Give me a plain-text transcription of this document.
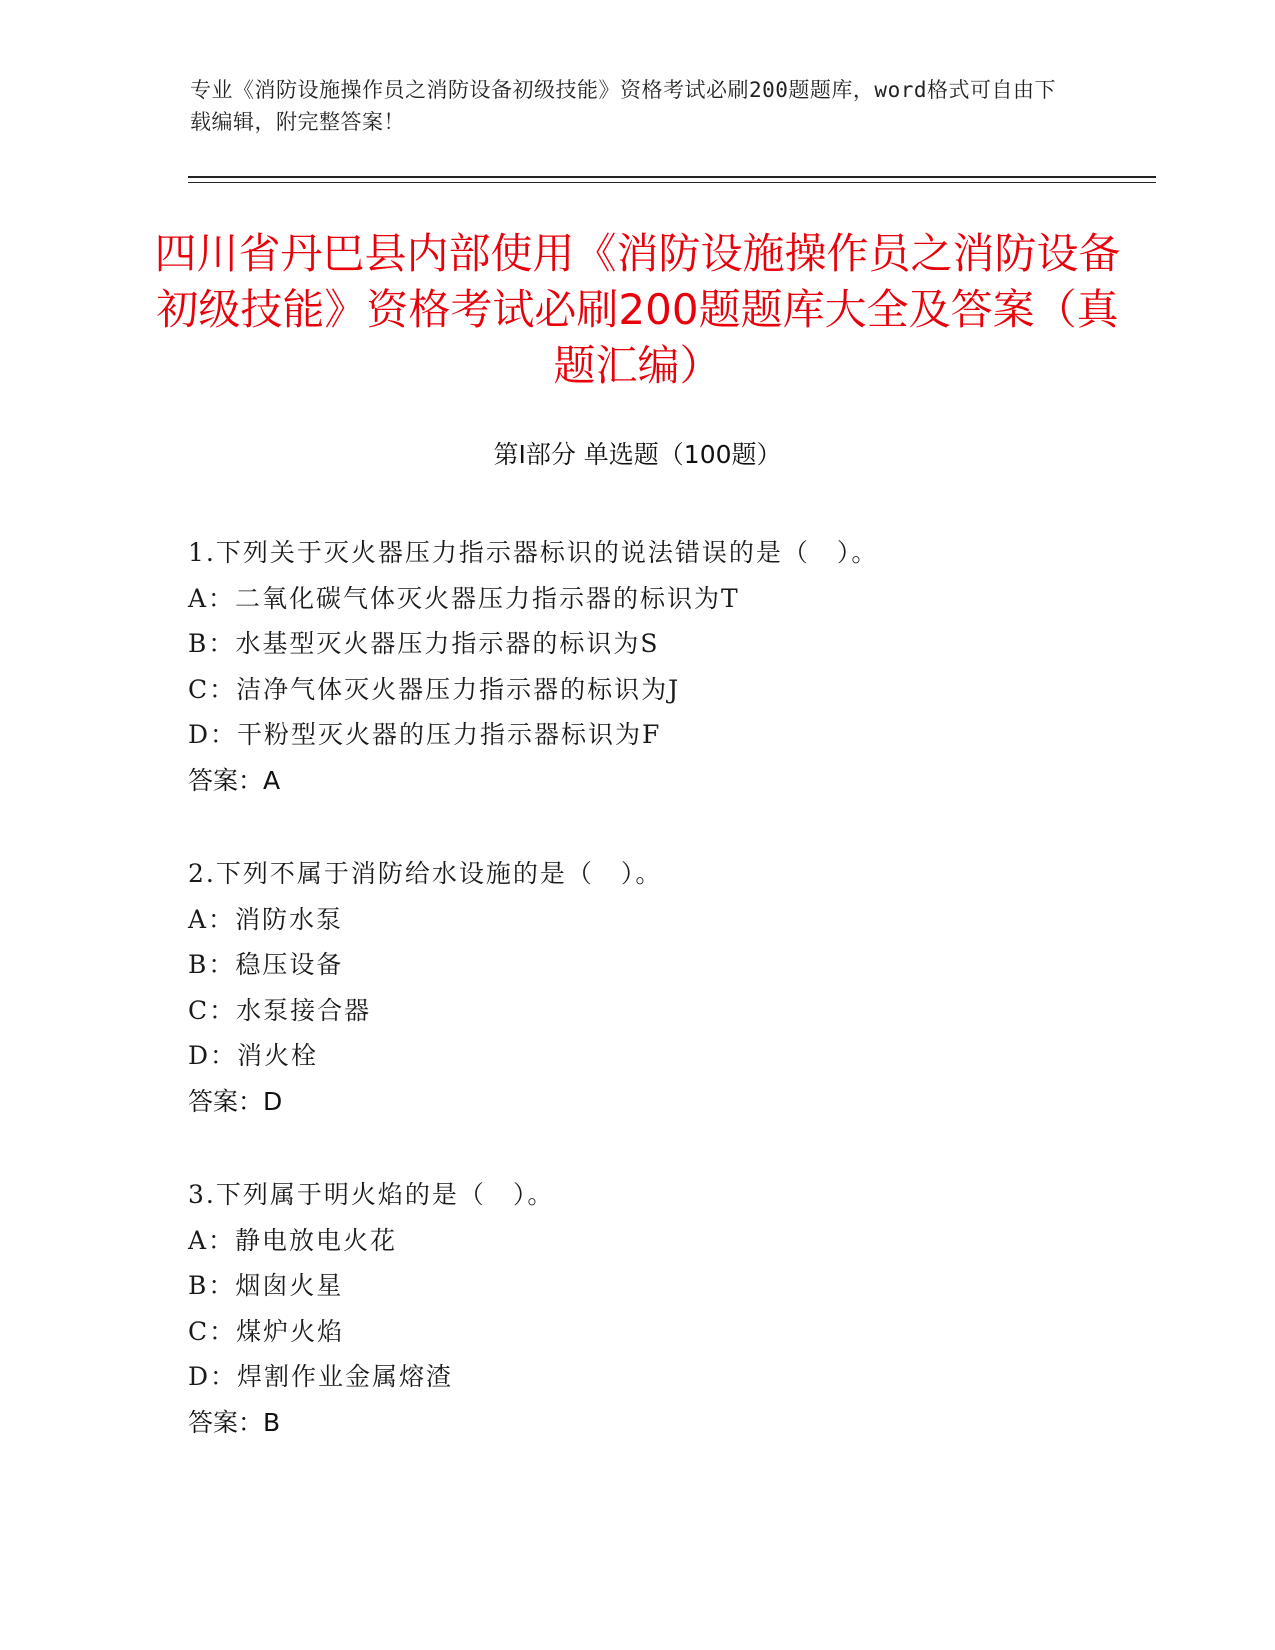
专业《消防设施操作员之消防设备初级技能》资格考试必刷200题题库，word格式可自由下载编辑，附完整答案！
四川省丹巴县内部使用《消防设施操作员之消防设备初级技能》资格考试必刷200题题库大全及答案（真题汇编）
第Ⅰ部分 单选题（100题）
1.下列关于灭火器压力指示器标识的说法错误的是（　）。
A：二氧化碳气体灭火器压力指示器的标识为T
B：水基型灭火器压力指示器的标识为S
C：洁净气体灭火器压力指示器的标识为J
D：干粉型灭火器的压力指示器标识为F
答案：A
2.下列不属于消防给水设施的是（　）。
A：消防水泵
B：稳压设备
C：水泵接合器
D：消火栓
答案：D
3.下列属于明火焰的是（　）。
A：静电放电火花
B：烟囱火星
C：煤炉火焰
D：焊割作业金属熔渣
答案：B
